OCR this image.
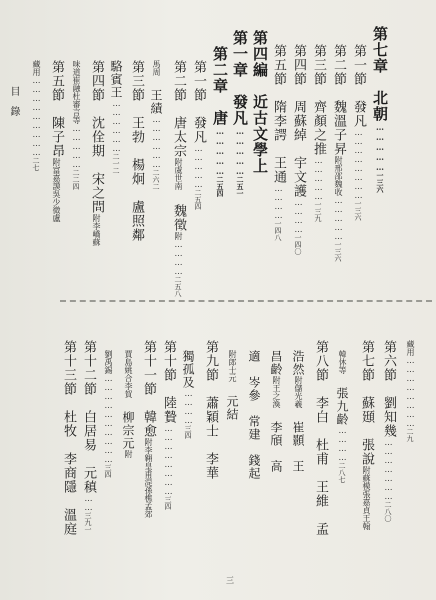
第七章　北朝……………一三六
第一節　發凡……………………一三六
第二節　魏溫子昇附邢邵魏收……………一三六
第三節　齊顏之推……………一三九
第四節　周蘇綽　宇文護…………一四〇
第五節　隋李諤　王通…………一四八
第四編　近古文學上
第一章　發凡……………二五一
第二章　唐……………二五四
第一節　發凡……………二五四
第二節　唐太宗附虞世南　魏徵附…………二五八
馬周　王績………………二六二
第三節　王勃　楊炯　盧照鄰
駱賓王………………二一二
第四節　沈佺期　宋之問附李嶠蘇
味道崔融杜審言等……………二二四
第五節　陳子昂附富嘉謨吳少微盧
藏用………………………二七
藏用……………………二九
第六節　劉知幾…………………二八〇
第七節　蘇頲　張說附蘇模張嘉貞王翰
韓休等　張九齡…………二八七
第八節　李白　杜甫　王維　孟
浩然附儲光羲　崔顥　王
昌齡附王之渙　李頎　高
適　岑參　常建　錢起
附郎士元　元結
第九節　蕭穎士　李華
獨孤及…………三四
第十節　陸贄……………………三四
第十一節　韓愈附李翱皇甫湜孫樵孟郊
賈島姚合李賀　柳宗元附
劉禹錫…………………………三四
第十二節　白居易　元稹……三九一
第十三節　杜牧　李商隱　溫庭
目　錄
三
